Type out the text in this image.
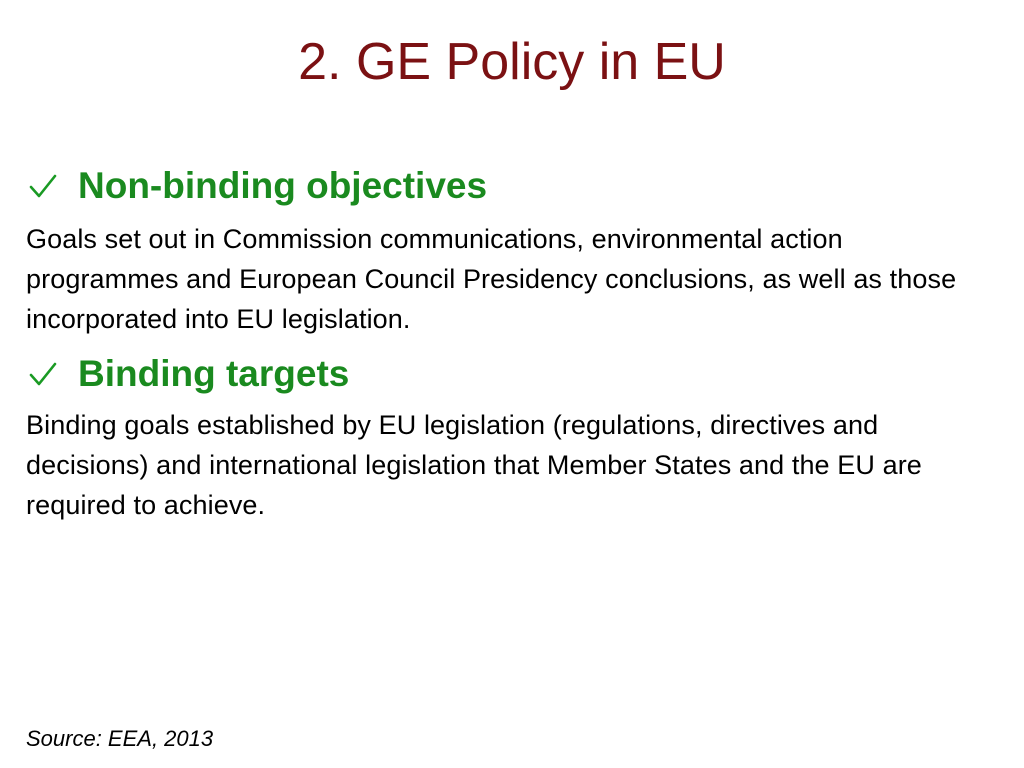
2. GE Policy in EU
Non-binding objectives

Goals set out in Commission communications, environmental action programmes and European Council Presidency conclusions, as well as those incorporated into EU legislation.

Binding targets

Binding goals established by EU legislation (regulations, directives and decisions) and international legislation that Member States and the EU are required to achieve.

Source: EEA, 2013
